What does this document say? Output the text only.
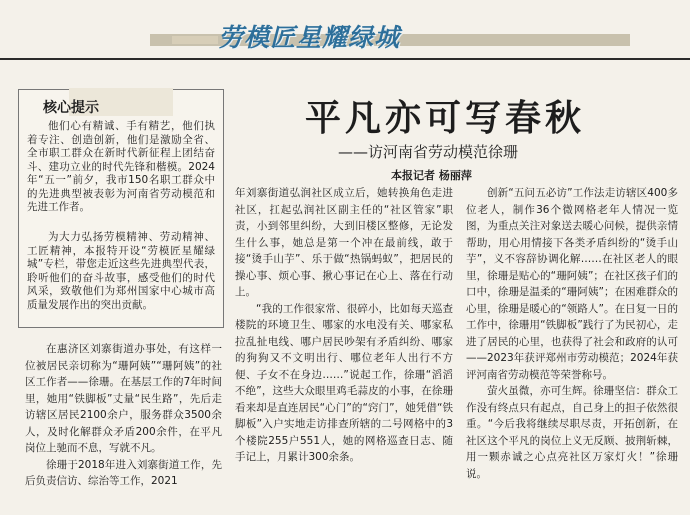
劳模匠星耀绿城
核心提示
他们心有精诚、手有精艺，他们执着专注、创造创新，他们是激励全省、全市职工群众在新时代新征程上团结奋斗、建功立业的时代先锋和楷模。2024年“五一”前夕，我市150名职工群众中的先进典型被表彰为河南省劳动模范和先进工作者。
为大力弘扬劳模精神、劳动精神、工匠精神，本报特开设“劳模匠星耀绿城”专栏，带您走近这些先进典型代表，聆听他们的奋斗故事，感受他们的时代风采，致敬他们为郑州国家中心城市高质量发展作出的突出贡献。
平凡亦可写春秋
——访河南省劳动模范徐珊
本报记者 杨丽萍

在惠济区刘寨街道办事处，有这样一位被居民亲切称为“珊阿姨”“珊阿姨”的社区工作者——徐珊。在基层工作的7年时间里，她用“铁脚板”丈量“民生路”，先后走访辖区居民2100余户，服务群众3500余人，及时化解群众矛盾200余件，在平凡岗位上驰而不息，写就不凡。

徐珊于2018年进入刘寨街道工作，先后负责信访、综治等工作，2021

年刘寨街道弘润社区成立后，她转换角色走进社区，扛起弘润社区副主任的“社区管家”职责，小到邻里纠纷，大到旧楼区整修，无论发生什么事，她总是第一个冲在最前线，敢于接“烫手山芋”、乐于做“热锅蚂蚁”，把居民的操心事、烦心事、揪心事记在心上、落在行动上。

“我的工作很家常、很碎小，比如每天巡查楼院的环境卫生、哪家的水电没有关、哪家私拉乱扯电线、哪户居民吵架有矛盾纠纷、哪家的狗狗又不文明出行、哪位老年人出行不方便、子女不在身边……”说起工作，徐珊“滔滔不绝”，这些大众眼里鸡毛蒜皮的小事，在徐珊看来却是直连居民“心门”的“窍门”，她凭借“铁脚板”入户实地走访排查所辖的二号网格中的3个楼院255户551人，她的网格巡查日志、随手记上，月累计300余条。

创新“五问五必访”工作法走访辖区400多位老人，制作36个微网格老年人情况一览图，为重点关注对象送去暖心问候，提供亲情帮助，用心用情接下各类矛盾纠纷的“烫手山芋”，义不容辞协调化解……在社区老人的眼里，徐珊是贴心的“珊阿姨”；在社区孩子们的口中，徐珊是温柔的“珊阿姨”；在困难群众的心里，徐珊是暖心的“领路人”。在日复一日的工作中，徐珊用“铁脚板”践行了为民初心，走进了居民的心里，也获得了社会和政府的认可——2023年获评郑州市劳动模范；2024年获评河南省劳动模范等荣誉称号。

萤火虽微，亦可生辉。徐珊坚信：群众工作没有终点只有起点，自己身上的担子依然很重。“今后我将继续尽职尽责，开拓创新，在社区这个平凡的岗位上义无反顾、披荆斩棘，用一颗赤诚之心点亮社区万家灯火！”徐珊说。
